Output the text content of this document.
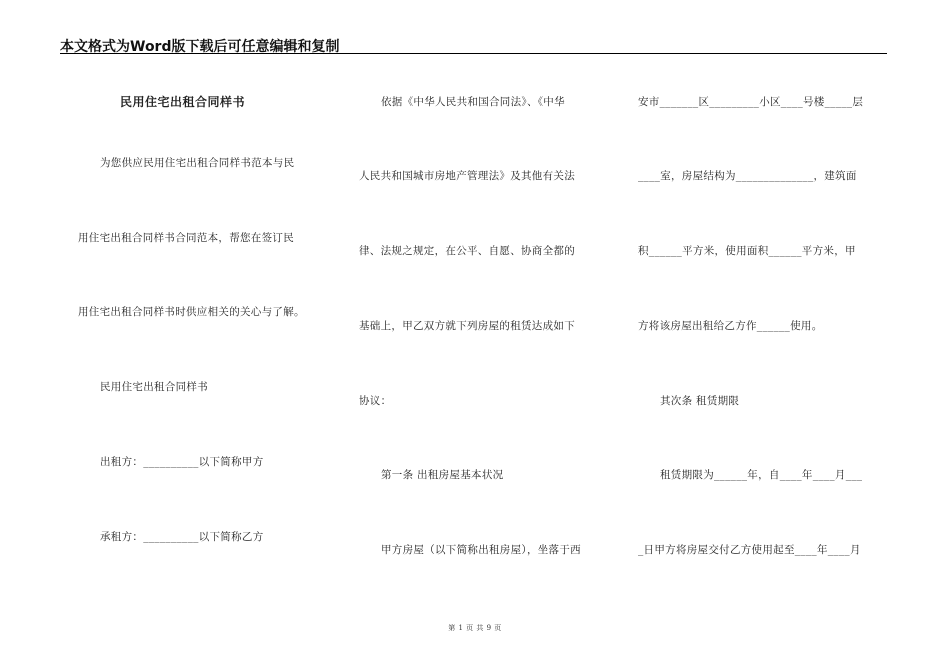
本文格式为Word版下载后可任意编辑和复制
民用住宅出租合同样书
为您供应民用住宅出租合同样书范本与民
用住宅出租合同样书合同范本，帮您在签订民
用住宅出租合同样书时供应相关的关心与了解。
民用住宅出租合同样书
出租方：__________以下简称甲方
承租方：__________以下简称乙方
依据《中华人民共和国合同法》、《中华
人民共和国城市房地产管理法》及其他有关法
律、法规之规定，在公平、自愿、协商全都的
基础上，甲乙双方就下列房屋的租赁达成如下
协议：
第一条 出租房屋基本状况
甲方房屋（以下简称出租房屋），坐落于西
安市_______区_________小区____号楼_____层
____室，房屋结构为______________，建筑面
积______平方米，使用面积______平方米，甲
方将该房屋出租给乙方作______使用。
其次条 租赁期限
租赁期限为______年，自____年____月___
_日甲方将房屋交付乙方使用起至____年____月
第 1 页 共 9 页
